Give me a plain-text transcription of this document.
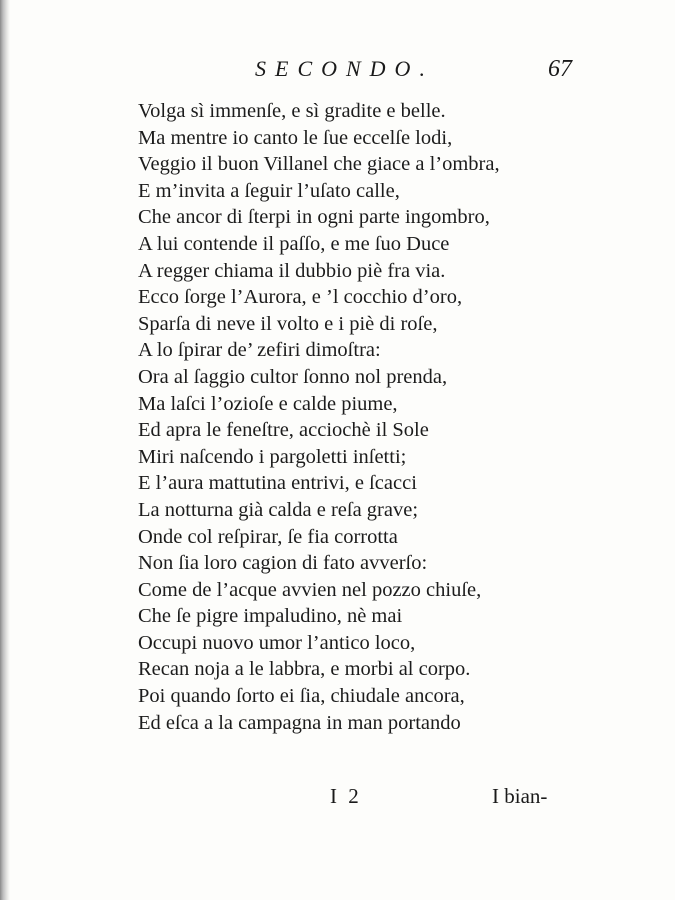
SECONDO.	67
Volga sì immenſe, e sì gradite e belle.
Ma mentre io canto le ſue eccelſe lodi,
Veggio il buon Villanel che giace a l’ombra,
E m’invita a ſeguir l’uſato calle,
Che ancor di ſterpi in ogni parte ingombro,
A lui contende il paſſo, e me ſuo Duce
A regger chiama il dubbio piè fra via.
Ecco ſorge l’Aurora, e ’l cocchio d’oro,
Sparſa di neve il volto e i piè di roſe,
A lo ſpirar de’ zefiri dimoſtra:
Ora al ſaggio cultor ſonno nol prenda,
Ma laſci l’ozioſe e calde piume,
Ed apra le feneſtre, acciochè il Sole
Miri naſcendo i pargoletti inſetti;
E l’aura mattutina entrivi, e ſcacci
La notturna già calda e reſa grave;
Onde col reſpirar, ſe fia corrotta
Non ſia loro cagion di fato avverſo:
Come de l’acque avvien nel pozzo chiuſe,
Che ſe pigre impaludino, nè mai
Occupi nuovo umor l’antico loco,
Recan noja a le labbra, e morbi al corpo.
Poi quando ſorto ei ſia, chiudale ancora,
Ed eſca a la campagna in man portando
I 2	I bian-
